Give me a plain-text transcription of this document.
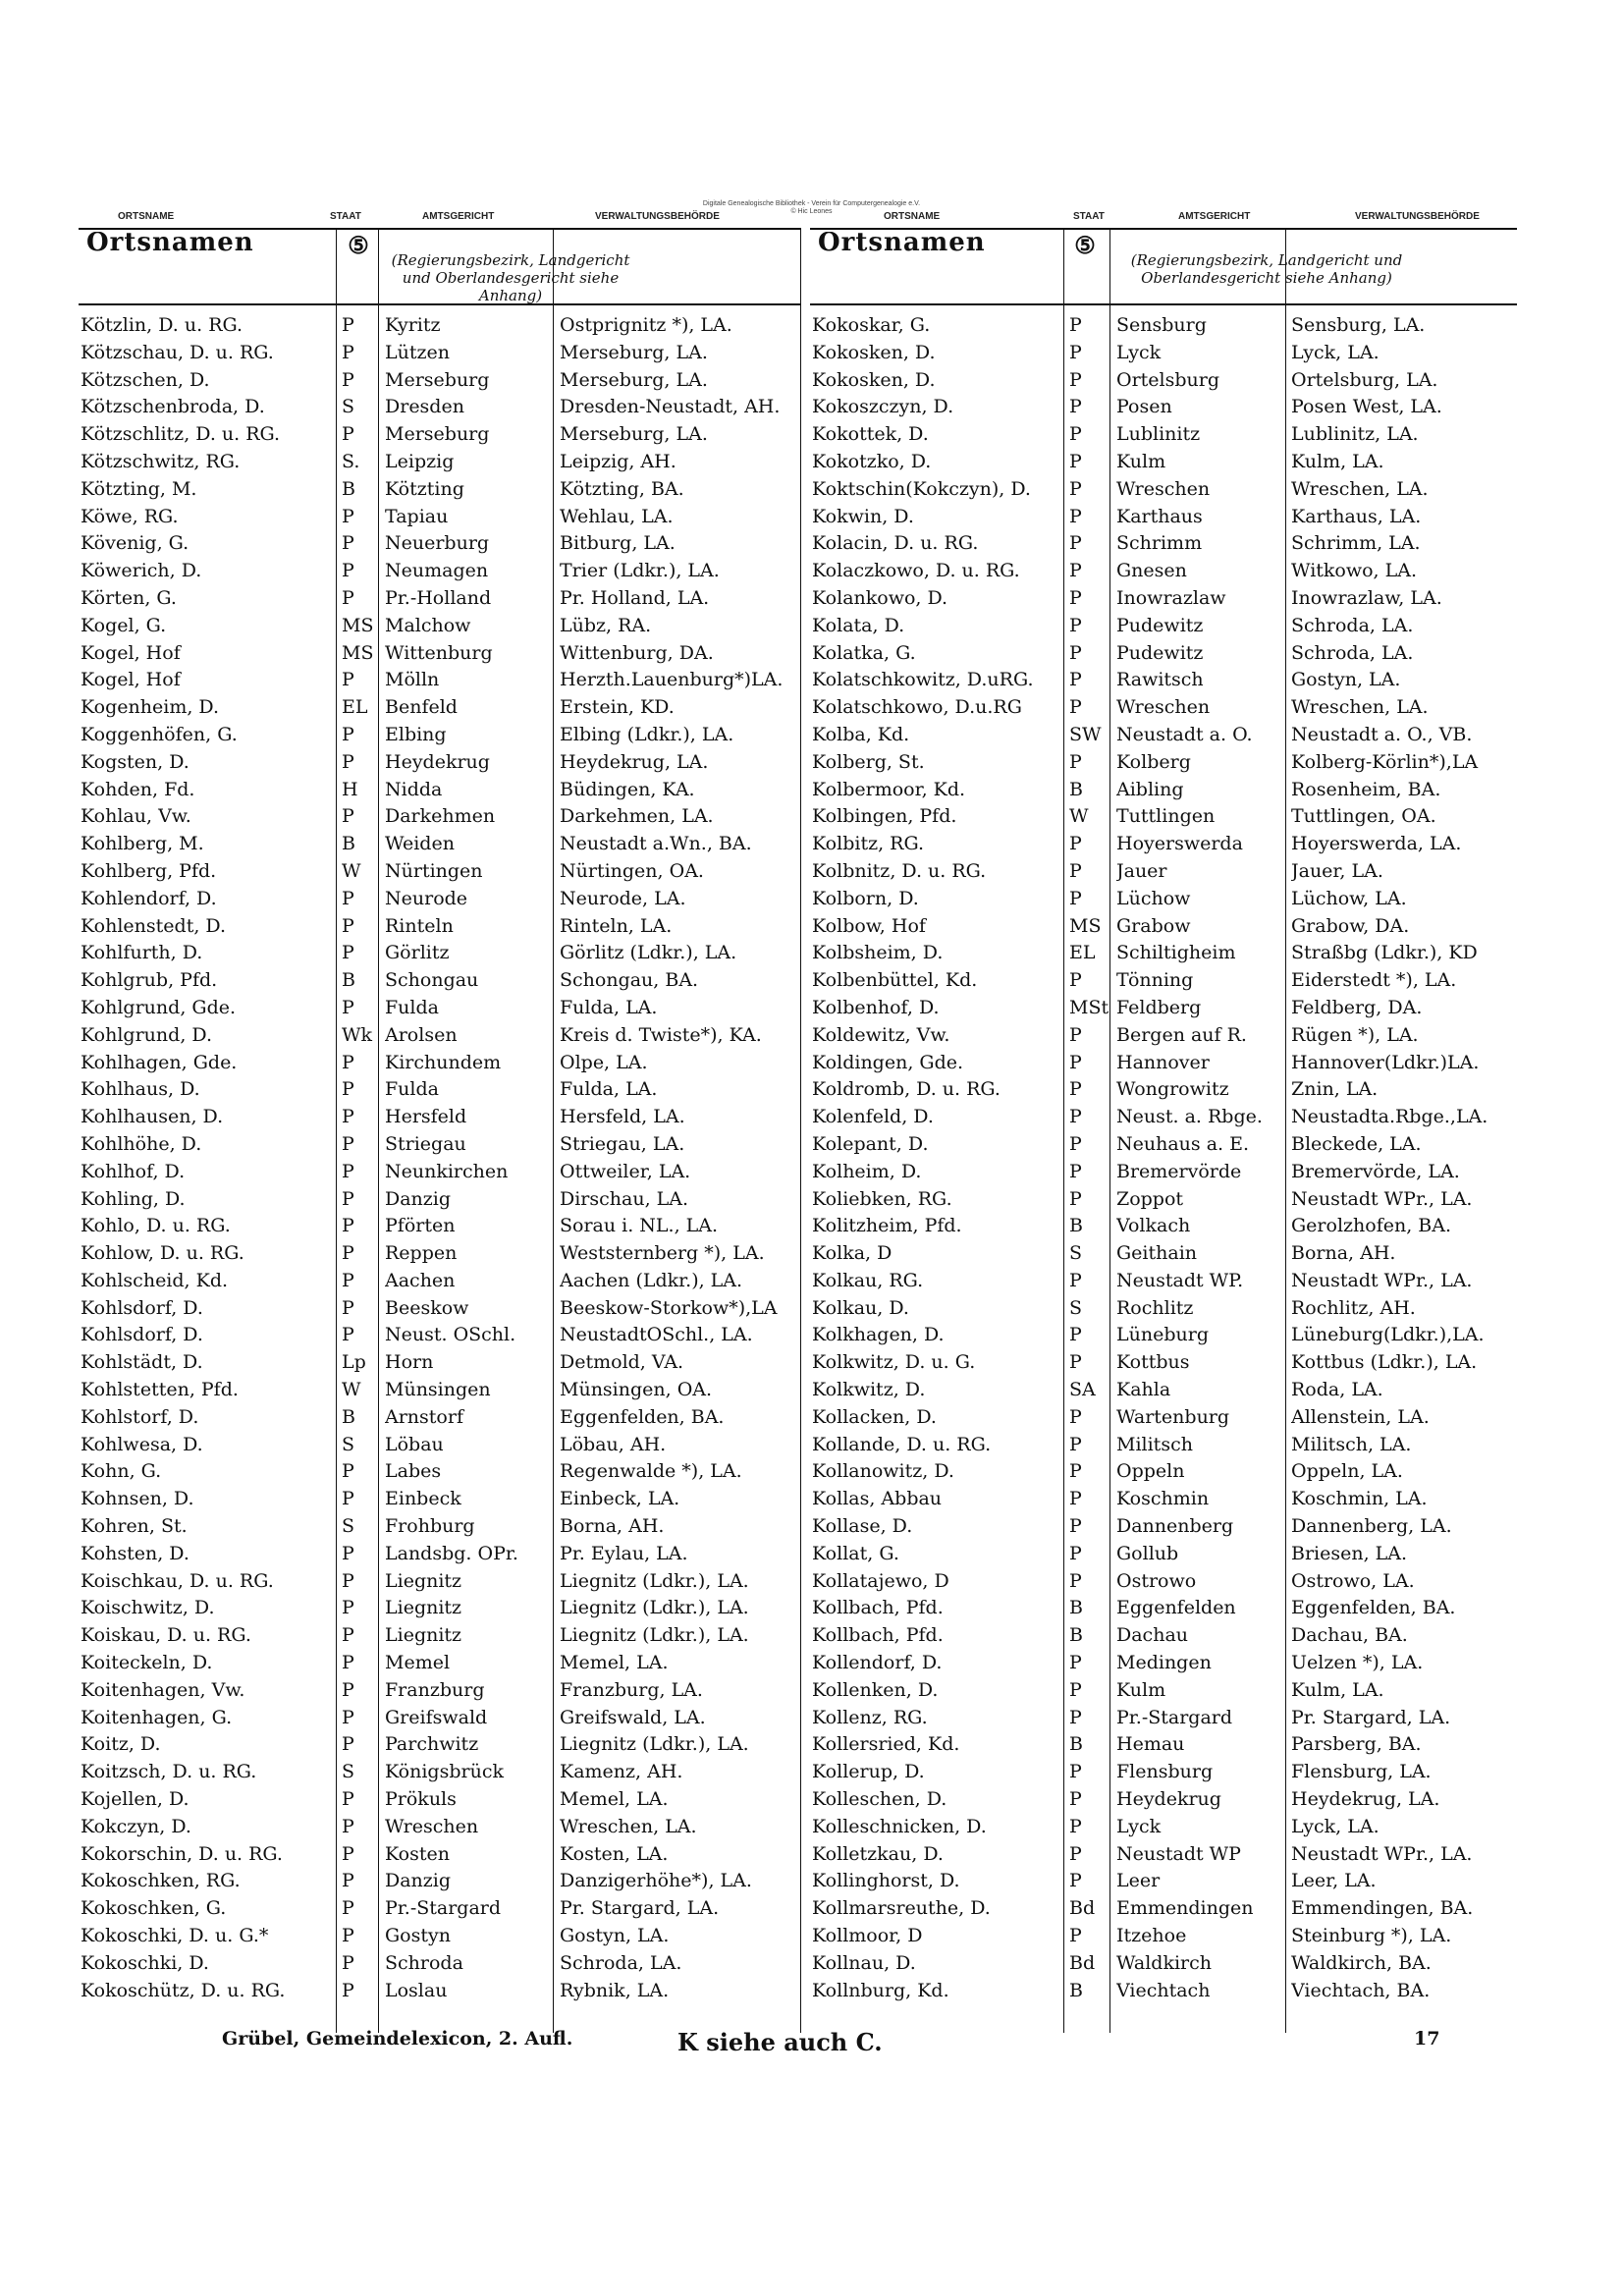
Digitale Genealogische Bibliothek - Verein für Computergenealogie e.V.
© Hic Leones
ORTSNAME	STAAT	AMTSGERICHT	VERWALTUNGSBEHÖRDE	ORTSNAME	STAAT	AMTSGERICHT	VERWALTUNGSBEHÖRDE
Ortsnamen	⑤
(Regierungsbezirk, Landgericht und Oberlandesgericht siehe Anhang)
Kötzlin, D. u. RG.	P	Kyritz	Ostprignitz *), LA.
Kötzschau, D. u. RG.	P	Lützen	Merseburg, LA.
Kötzschen, D.	P	Merseburg	Merseburg, LA.
Kötzschenbroda, D.	S	Dresden	Dresden-Neustadt, AH.
Kötzschlitz, D. u. RG.	P	Merseburg	Merseburg, LA.
Kötzschwitz, RG.	S.	Leipzig	Leipzig, AH.
Kötzting, M.	B	Kötzting	Kötzting, BA.
Köwe, RG.	P	Tapiau	Wehlau, LA.
Kövenig, G.	P	Neuerburg	Bitburg, LA.
Köwerich, D.	P	Neumagen	Trier (Ldkr.), LA.
Körten, G.	P	Pr.-Holland	Pr. Holland, LA.
Kogel, G.	MS Malchow	Lübz, RA.
Kogel, Hof	MS Wittenburg	Wittenburg, DA.
Kogel, Hof	P	Mölln	Herzth.Lauenburg*)LA.
Kogenheim, D.	EL Benfeld	Erstein, KD.
Koggenhöfen, G.	P	Elbing	Elbing (Ldkr.), LA.
Kogsten, D.	P	Heydekrug	Heydekrug, LA.
Kohden, Fd.	H	Nidda	Büdingen, KA.
Kohlau, Vw.	P	Darkehmen	Darkehmen, LA.
Kohlberg, M.	B	Weiden	Neustadt a.Wn., BA.
Kohlberg, Pfd.	W	Nürtingen	Nürtingen, OA.
Kohlendorf, D.	P	Neurode	Neurode, LA.
Kohlenstedt, D.	P	Rinteln	Rinteln, LA.
Kohlfurth, D.	P	Görlitz	Görlitz (Ldkr.), LA.
Kohlgrub, Pfd.	B	Schongau	Schongau, BA.
Kohlgrund, Gde.	P	Fulda	Fulda, LA.
Kohlgrund, D.	Wk Arolsen	Kreis d. Twiste*), KA.
Kohlhagen, Gde.	P	Kirchundem	Olpe, LA.
Kohlhaus, D.	P	Fulda	Fulda, LA.
Kohlhausen, D.	P	Hersfeld	Hersfeld, LA.
Kohlhöhe, D.	P	Striegau	Striegau, LA.
Kohlhof, D.	P	Neunkirchen	Ottweiler, LA.
Kohling, D.	P	Danzig	Dirschau, LA.
Kohlo, D. u. RG.	P	Pförten	Sorau i. NL., LA.
Kohlow, D. u. RG.	P	Reppen	Weststernberg *), LA.
Kohlscheid, Kd.	P	Aachen	Aachen (Ldkr.), LA.
Kohlsdorf, D.	P	Beeskow	Beeskow-Storkow*),LA
Kohlsdorf, D.	P	Neust. OSchl.	NeustadtOSchl., LA.
Kohlstädt, D.	Lp	Horn	Detmold, VA.
Kohlstetten, Pfd.	W	Münsingen	Münsingen, OA.
Kohlstorf, D.	B	Arnstorf	Eggenfelden, BA.
Kohlwesa, D.	S	Löbau	Löbau, AH.
Kohn, G.	P	Labes	Regenwalde *), LA.
Kohnsen, D.	P	Einbeck	Einbeck, LA.
Kohren, St.	S	Frohburg	Borna, AH.
Kohsten, D.	P	Landsbg. OPr.	Pr. Eylau, LA.
Koischkau, D. u. RG.	P	Liegnitz	Liegnitz (Ldkr.), LA.
Koischwitz, D.	P	Liegnitz	Liegnitz (Ldkr.), LA.
Koiskau, D. u. RG.	P	Liegnitz	Liegnitz (Ldkr.), LA.
Koiteckeln, D.	P	Memel	Memel, LA.
Koitenhagen, Vw.	P	Franzburg	Franzburg, LA.
Koitenhagen, G.	P	Greifswald	Greifswald, LA.
Koitz, D.	P	Parchwitz	Liegnitz (Ldkr.), LA.
Koitzsch, D. u. RG.	S	Königsbrück	Kamenz, AH.
Kojellen, D.	P	Prökuls	Memel, LA.
Kokczyn, D.	P	Wreschen	Wreschen, LA.
Kokorschin, D. u. RG.	P	Kosten	Kosten, LA.
Kokoschken, RG.	P	Danzig	Danzigerhöhe*), LA.
Kokoschken, G.	P	Pr.-Stargard	Pr. Stargard, LA.
Kokoschki, D. u. G.*	P	Gostyn	Gostyn, LA.
Kokoschki, D.	P	Schroda	Schroda, LA.
Kokoschütz, D. u. RG.	P	Loslau	Rybnik, LA.
Ortsnamen	⑤
(Regierungsbezirk, Landgericht und Oberlandesgericht siehe Anhang)
Kokoskar, G.	P	Sensburg	Sensburg, LA.
Kokosken, D.	P	Lyck	Lyck, LA.
Kokosken, D.	P	Ortelsburg	Ortelsburg, LA.
Kokoszczyn, D.	P	Posen	Posen West, LA.
Kokottek, D.	P	Lublinitz	Lublinitz, LA.
Kokotzko, D.	P	Kulm	Kulm, LA.
Koktschin(Kokczyn), D.	P	Wreschen	Wreschen, LA.
Kokwin, D.	P	Karthaus	Karthaus, LA.
Kolacin, D. u. RG.	P	Schrimm	Schrimm, LA.
Kolaczkowo, D. u. RG.	P	Gnesen	Witkowo, LA.
Kolankowo, D.	P	Inowrazlaw	Inowrazlaw, LA.
Kolata, D.	P	Pudewitz	Schroda, LA.
Kolatka, G.	P	Pudewitz	Schroda, LA.
Kolatschkowitz, D.uRG.	P	Rawitsch	Gostyn, LA.
Kolatschkowo, D.u.RG	P	Wreschen	Wreschen, LA.
Kolba, Kd.	SW Neustadt a. O.	Neustadt a. O., VB.
Kolberg, St.	P	Kolberg	Kolberg-Körlin*),LA
Kolbermoor, Kd.	B	Aibling	Rosenheim, BA.
Kolbingen, Pfd.	W	Tuttlingen	Tuttlingen, OA.
Kolbitz, RG.	P	Hoyerswerda	Hoyerswerda, LA.
Kolbnitz, D. u. RG.	P	Jauer	Jauer, LA.
Kolborn, D.	P	Lüchow	Lüchow, LA.
Kolbow, Hof	MS Grabow	Grabow, DA.
Kolbsheim, D.	EL	Schiltigheim	Straßbg (Ldkr.), KD
Kolbenbüttel, Kd.	P	Tönning	Eiderstedt *), LA.
Kolbenhof, D.	MSt Feldberg	Feldberg, DA.
Koldewitz, Vw.	P	Bergen auf R.	Rügen *), LA.
Koldingen, Gde.	P	Hannover	Hannover(Ldkr.)LA.
Koldromb, D. u. RG.	P	Wongrowitz	Znin, LA.
Kolenfeld, D.	P	Neust. a. Rbge.	Neustadta.Rbge.,LA.
Kolepant, D.	P	Neuhaus a. E.	Bleckede, LA.
Kolheim, D.	P	Bremervörde	Bremervörde, LA.
Koliebken, RG.	P	Zoppot	Neustadt WPr., LA.
Kolitzheim, Pfd.	B	Volkach	Gerolzhofen, BA.
Kolka, D	S	Geithain	Borna, AH.
Kolkau, RG.	P	Neustadt WP.	Neustadt WPr., LA.
Kolkau, D.	S	Rochlitz	Rochlitz, AH.
Kolkhagen, D.	P	Lüneburg	Lüneburg(Ldkr.),LA.
Kolkwitz, D. u. G.	P	Kottbus	Kottbus (Ldkr.), LA.
Kolkwitz, D.	SA	Kahla	Roda, LA.
Kollacken, D.	P	Wartenburg	Allenstein, LA.
Kollande, D. u. RG.	P	Militsch	Militsch, LA.
Kollanowitz, D.	P	Oppeln	Oppeln, LA.
Kollas, Abbau	P	Koschmin	Koschmin, LA.
Kollase, D.	P	Dannenberg	Dannenberg, LA.
Kollat, G.	P	Gollub	Briesen, LA.
Kollatajewo, D	P	Ostrowo	Ostrowo, LA.
Kollbach, Pfd.	B	Eggenfelden	Eggenfelden, BA.
Kollbach, Pfd.	B	Dachau	Dachau, BA.
Kollendorf, D.	P	Medingen	Uelzen *), LA.
Kollenken, D.	P	Kulm	Kulm, LA.
Kollenz, RG.	P	Pr.-Stargard	Pr. Stargard, LA.
Kollersried, Kd.	B	Hemau	Parsberg, BA.
Kollerup, D.	P	Flensburg	Flensburg, LA.
Kolleschen, D.	P	Heydekrug	Heydekrug, LA.
Kolleschnicken, D.	P	Lyck	Lyck, LA.
Kolletzkau, D.	P	Neustadt WP	Neustadt WPr., LA.
Kollinghorst, D.	P	Leer	Leer, LA.
Kollmarsreuthe, D.	Bd	Emmendingen	Emmendingen, BA.
Kollmoor, D	P	Itzehoe	Steinburg *), LA.
Kollnau, D.	Bd	Waldkirch	Waldkirch, BA.
Kollnburg, Kd.	B	Viechtach	Viechtach, BA.
Grübel, Gemeindelexicon, 2. Aufl.	K siehe auch C.	17
